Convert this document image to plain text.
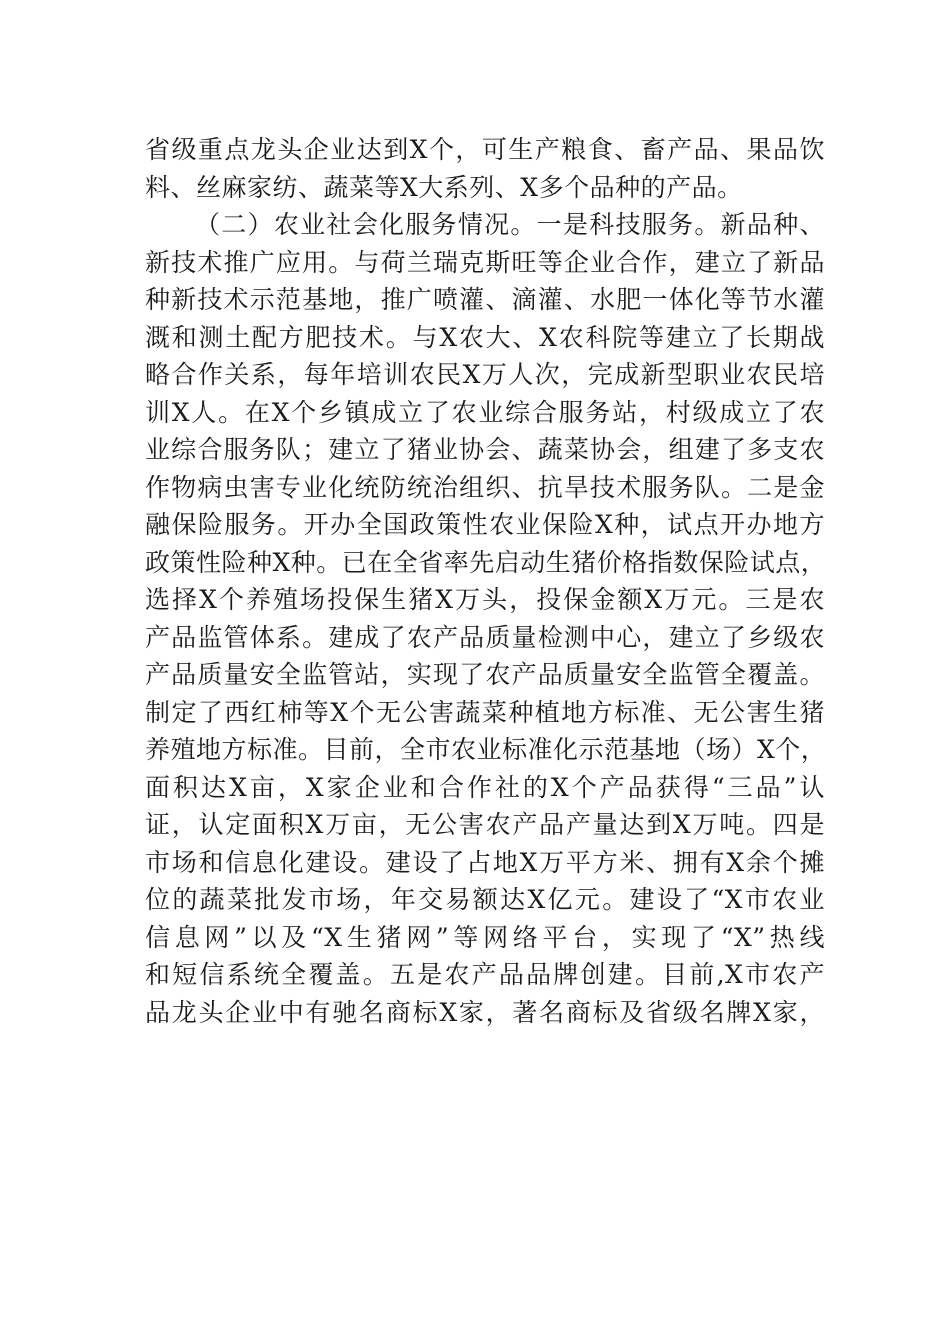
省级重点龙头企业达到X个，可生产粮食、畜产品、果品饮
料、丝麻家纺、蔬菜等X大系列、X多个品种的产品。
（二）农业社会化服务情况。一是科技服务。新品种、
新技术推广应用。与荷兰瑞克斯旺等企业合作，建立了新品
种新技术示范基地，推广喷灌、滴灌、水肥一体化等节水灌
溉和测土配方肥技术。与X农大、X农科院等建立了长期战
略合作关系，每年培训农民X万人次，完成新型职业农民培
训X人。在X个乡镇成立了农业综合服务站，村级成立了农
业综合服务队；建立了猪业协会、蔬菜协会，组建了多支农
作物病虫害专业化统防统治组织、抗旱技术服务队。二是金
融保险服务。开办全国政策性农业保险X种，试点开办地方
政策性险种X种。已在全省率先启动生猪价格指数保险试点，
选择X个养殖场投保生猪X万头，投保金额X万元。三是农
产品监管体系。建成了农产品质量检测中心，建立了乡级农
产品质量安全监管站，实现了农产品质量安全监管全覆盖。
制定了西红柿等X个无公害蔬菜种植地方标准、无公害生猪
养殖地方标准。目前，全市农业标准化示范基地（场）X个，
面积达X亩，X家企业和合作社的X个产品获得“三品”认
证，认定面积X万亩，无公害农产品产量达到X万吨。四是
市场和信息化建设。建设了占地X万平方米、拥有X余个摊
位的蔬菜批发市场，年交易额达X亿元。建设了“X市农业
信息网”以及“X生猪网”等网络平台，实现了“X”热线
和短信系统全覆盖。五是农产品品牌创建。目前,X市农产
品龙头企业中有驰名商标X家，著名商标及省级名牌X家，
